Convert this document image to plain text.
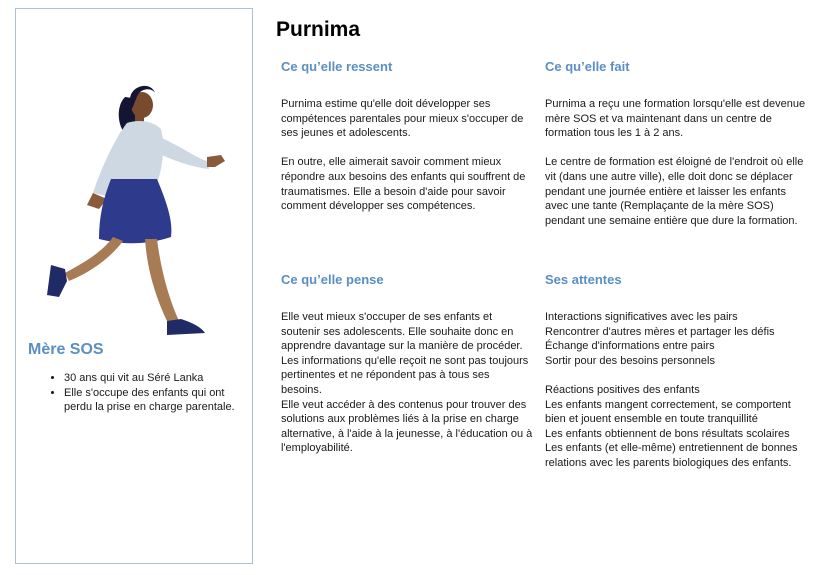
Mère SOS
• 30 ans qui vit au Séré Lanka
• Elle s'occupe des enfants qui ont perdu la prise en charge parentale.
Purnima
Ce qu’elle ressent

Purnima estime qu'elle doit développer ses compétences parentales pour mieux s'occuper de ses jeunes et adolescents.

En outre, elle aimerait savoir comment mieux répondre aux besoins des enfants qui souffrent de traumatismes. Elle a besoin d'aide pour savoir comment développer ses compétences.

Ce qu’elle fait

Purnima a reçu une formation lorsqu'elle est devenue mère SOS et va maintenant dans un centre de formation tous les 1 à 2 ans.

Le centre de formation est éloigné de l'endroit où elle vit (dans une autre ville), elle doit donc se déplacer pendant une journée entière et laisser les enfants avec une tante (Remplaçante de la mère SOS) pendant une semaine entière que dure la formation.

Ce qu’elle pense

Elle veut mieux s'occuper de ses enfants et soutenir ses adolescents. Elle souhaite donc en apprendre davantage sur la manière de procéder. Les informations qu'elle reçoit ne sont pas toujours pertinentes et ne répondent pas à tous ses besoins.

Elle veut accéder à des contenus pour trouver des solutions aux problèmes liés à la prise en charge alternative, à l'aide à la jeunesse, à l'éducation ou à l'employabilité.

Ses attentes

Interactions significatives avec les pairs
Rencontrer d'autres mères et partager les défis
Échange d'informations entre pairs
Sortir pour des besoins personnels

Réactions positives des enfants
Les enfants mangent correctement, se comportent bien et jouent ensemble en toute tranquillité
Les enfants obtiennent de bons résultats scolaires
Les enfants (et elle-même) entretiennent de bonnes relations avec les parents biologiques des enfants.
